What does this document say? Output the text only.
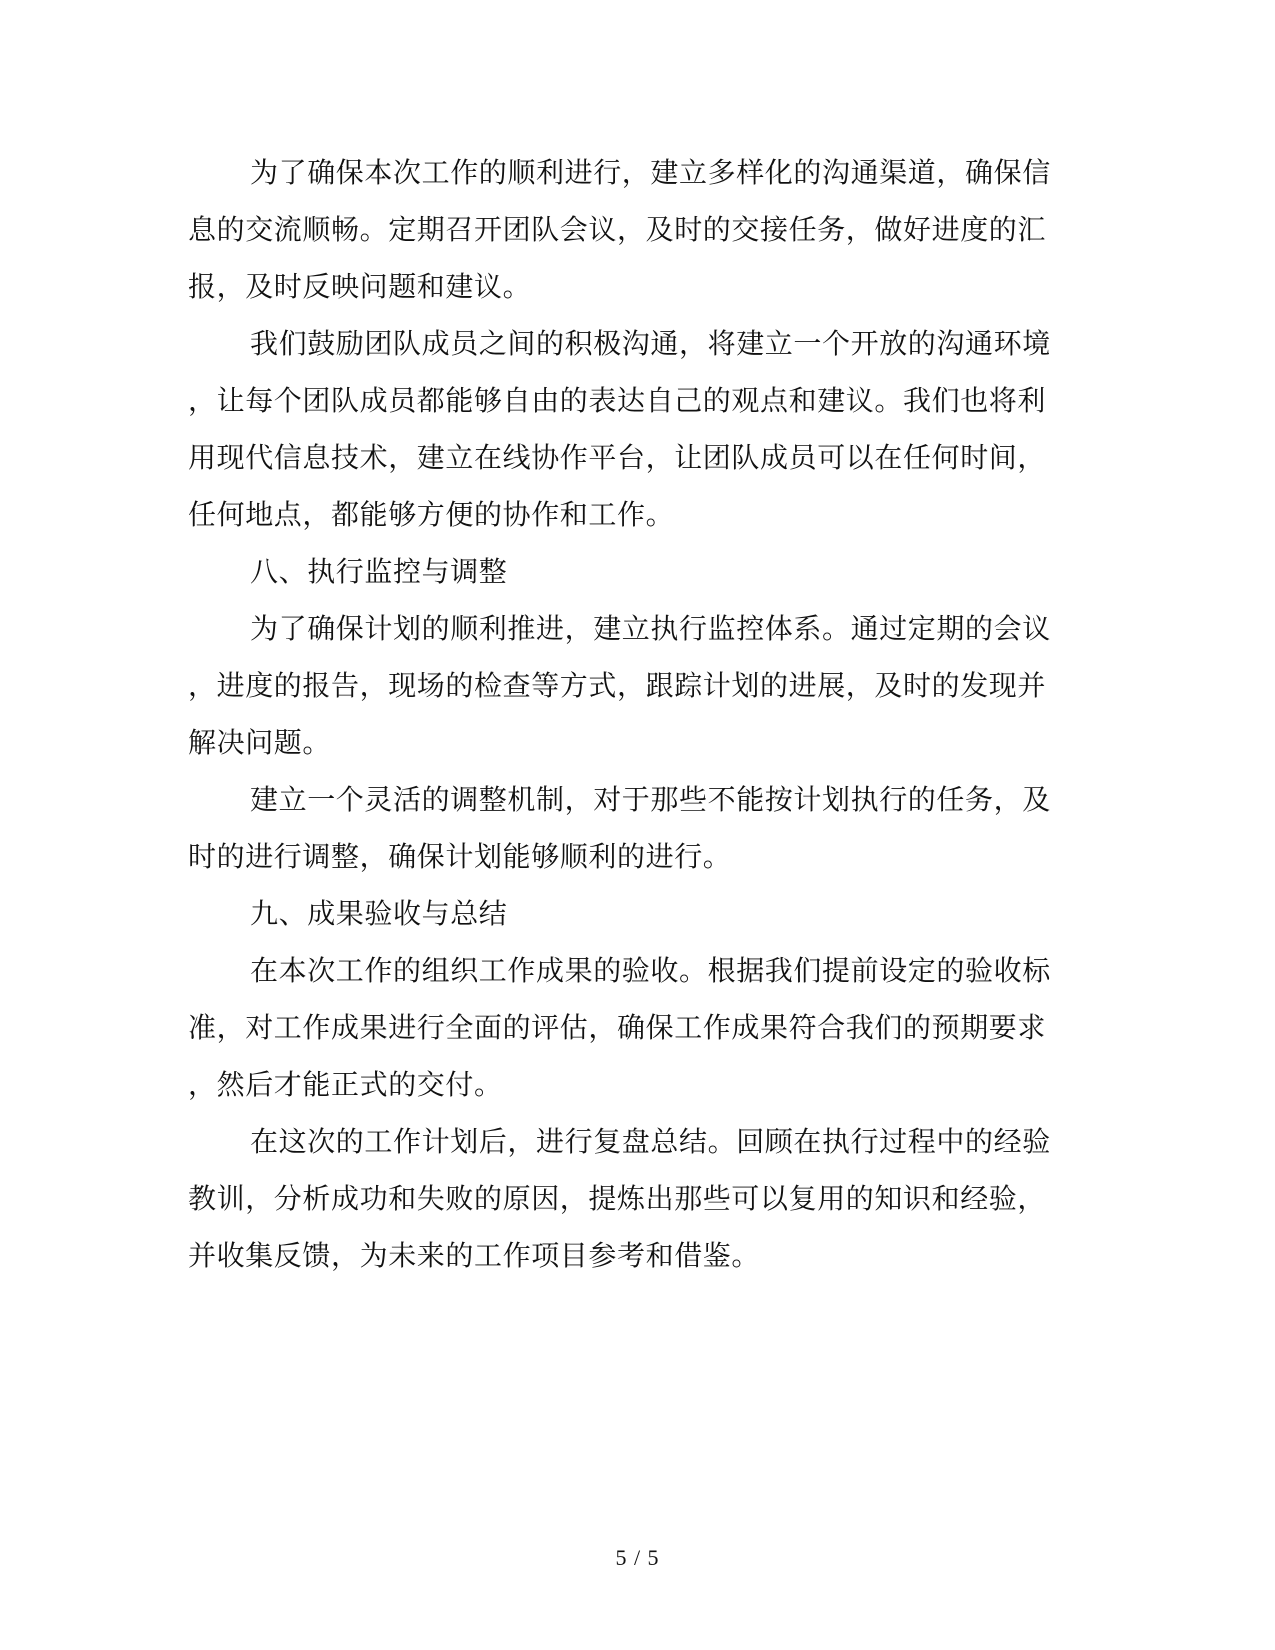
为了确保本次工作的顺利进行，建立多样化的沟通渠道，确保信
息的交流顺畅。定期召开团队会议，及时的交接任务，做好进度的汇
报，及时反映问题和建议。
我们鼓励团队成员之间的积极沟通，将建立一个开放的沟通环境
，让每个团队成员都能够自由的表达自己的观点和建议。我们也将利
用现代信息技术，建立在线协作平台，让团队成员可以在任何时间，
任何地点，都能够方便的协作和工作。
八、执行监控与调整
为了确保计划的顺利推进，建立执行监控体系。通过定期的会议
，进度的报告，现场的检查等方式，跟踪计划的进展，及时的发现并
解决问题。
建立一个灵活的调整机制，对于那些不能按计划执行的任务，及
时的进行调整，确保计划能够顺利的进行。
九、成果验收与总结
在本次工作的组织工作成果的验收。根据我们提前设定的验收标
准，对工作成果进行全面的评估，确保工作成果符合我们的预期要求
，然后才能正式的交付。
在这次的工作计划后，进行复盘总结。回顾在执行过程中的经验
教训，分析成功和失败的原因，提炼出那些可以复用的知识和经验，
并收集反馈，为未来的工作项目参考和借鉴。
5 / 5
